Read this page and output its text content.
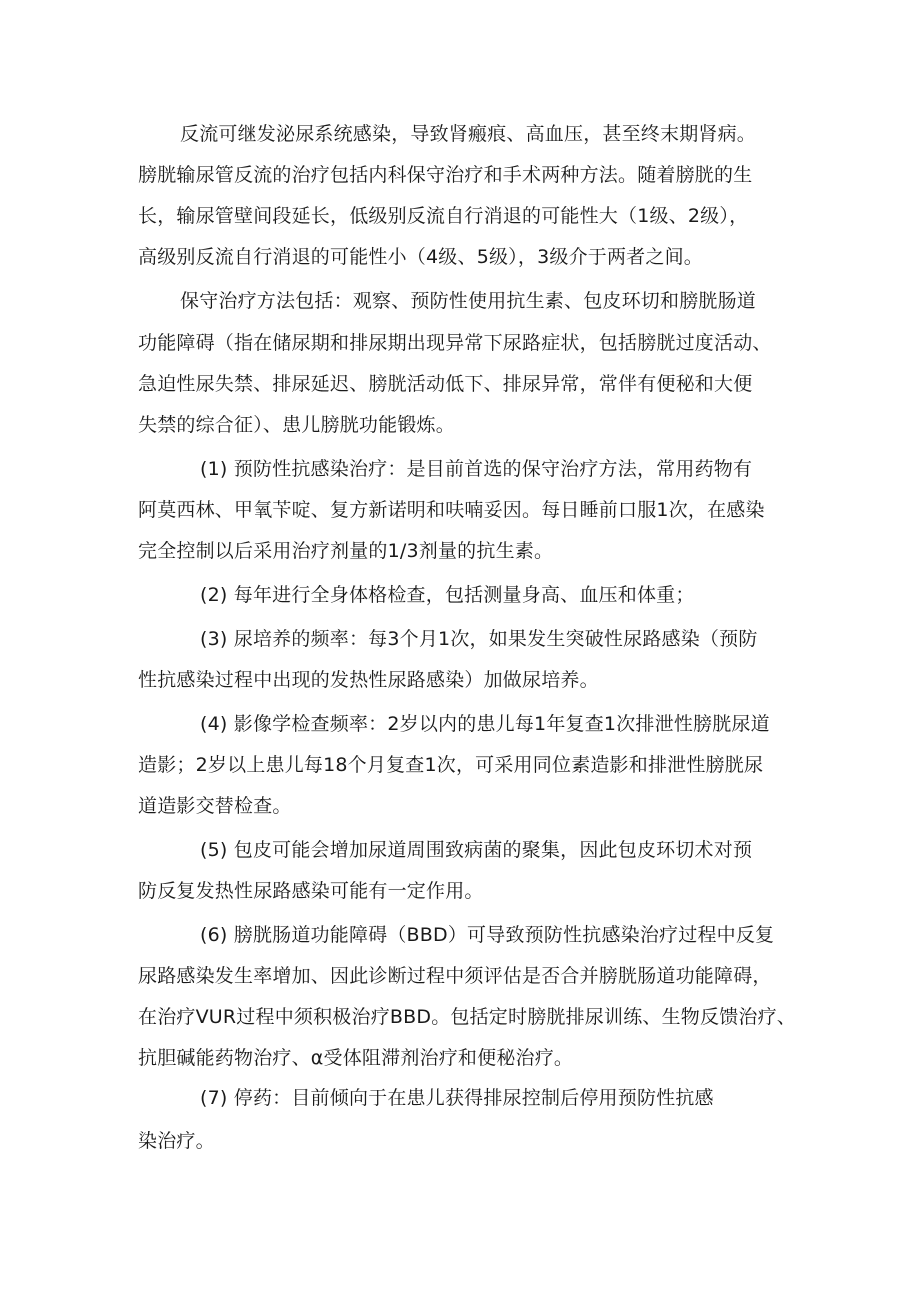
反流可继发泌尿系统感染，导致肾瘢痕、高血压，甚至终末期肾病。
膀胱输尿管反流的治疗包括内科保守治疗和手术两种方法。随着膀胱的生
长，输尿管壁间段延长，低级别反流自行消退的可能性大（1级、2级），
高级别反流自行消退的可能性小（4级、5级），3级介于两者之间。
保守治疗方法包括：观察、预防性使用抗生素、包皮环切和膀胱肠道
功能障碍（指在储尿期和排尿期出现异常下尿路症状，包括膀胱过度活动、
急迫性尿失禁、排尿延迟、膀胱活动低下、排尿异常，常伴有便秘和大便
失禁的综合征）、患儿膀胱功能锻炼。
(1) 预防性抗感染治疗：是目前首选的保守治疗方法，常用药物有
阿莫西林、甲氧苄啶、复方新诺明和呋喃妥因。每日睡前口服1次，在感染
完全控制以后采用治疗剂量的1/3剂量的抗生素。
(2) 每年进行全身体格检查，包括测量身高、血压和体重；
(3) 尿培养的频率：每3个月1次，如果发生突破性尿路感染（预防
性抗感染过程中出现的发热性尿路感染）加做尿培养。
(4) 影像学检查频率：2岁以内的患儿每1年复查1次排泄性膀胱尿道
造影；2岁以上患儿每18个月复查1次，可采用同位素造影和排泄性膀胱尿
道造影交替检查。
(5) 包皮可能会增加尿道周围致病菌的聚集，因此包皮环切术对预
防反复发热性尿路感染可能有一定作用。
(6) 膀胱肠道功能障碍（BBD）可导致预防性抗感染治疗过程中反复
尿路感染发生率增加、因此诊断过程中须评估是否合并膀胱肠道功能障碍，
在治疗VUR过程中须积极治疗BBD。包括定时膀胱排尿训练、生物反馈治疗、
抗胆碱能药物治疗、α受体阻滞剂治疗和便秘治疗。
(7) 停药：目前倾向于在患儿获得排尿控制后停用预防性抗感
染治疗。
